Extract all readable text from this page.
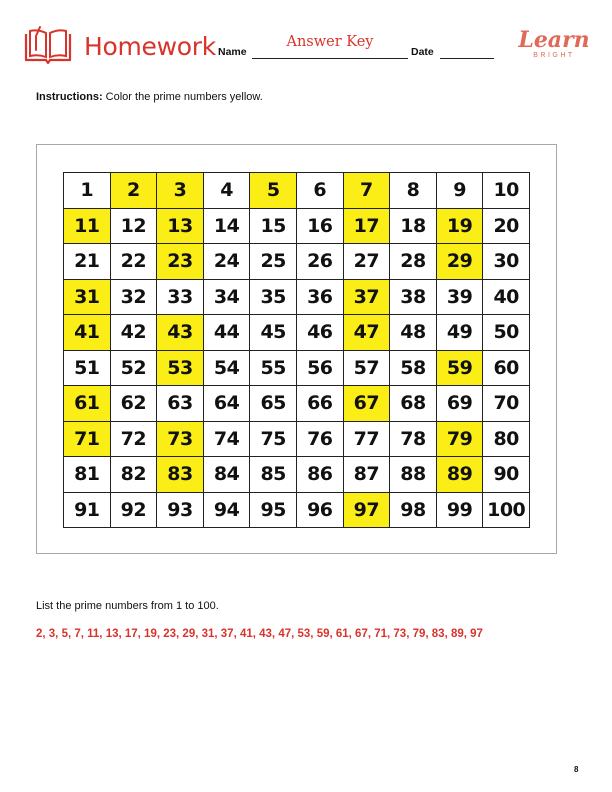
Homework Name
Answer Key
Date	Learn
BRIGHT
Instructions: Color the prime numbers yellow.
1	2	3	4	5	6	7	8	9	10
11	12	13	14	15	16	17	18	19	20
21	22	23	24	25	26	27	28	29	30
31	32	33	34	35	36	37	38	39	40
41	42	43	44	45	46	47	48	49	50
51	52	53	54	55	56	57	58	59	60
61	62	63	64	65	66	67	68	69	70
71	72	73	74	75	76	77	78	79	80
81	82	83	84	85	86	87	88	89	90
91	92	93	94	95	96	97	98	99 100
List the prime numbers from 1 to 100.
2, 3, 5, 7, 11, 13, 17, 19, 23, 29, 31, 37, 41, 43, 47, 53, 59, 61, 67, 71, 73, 79, 83, 89, 97
8
